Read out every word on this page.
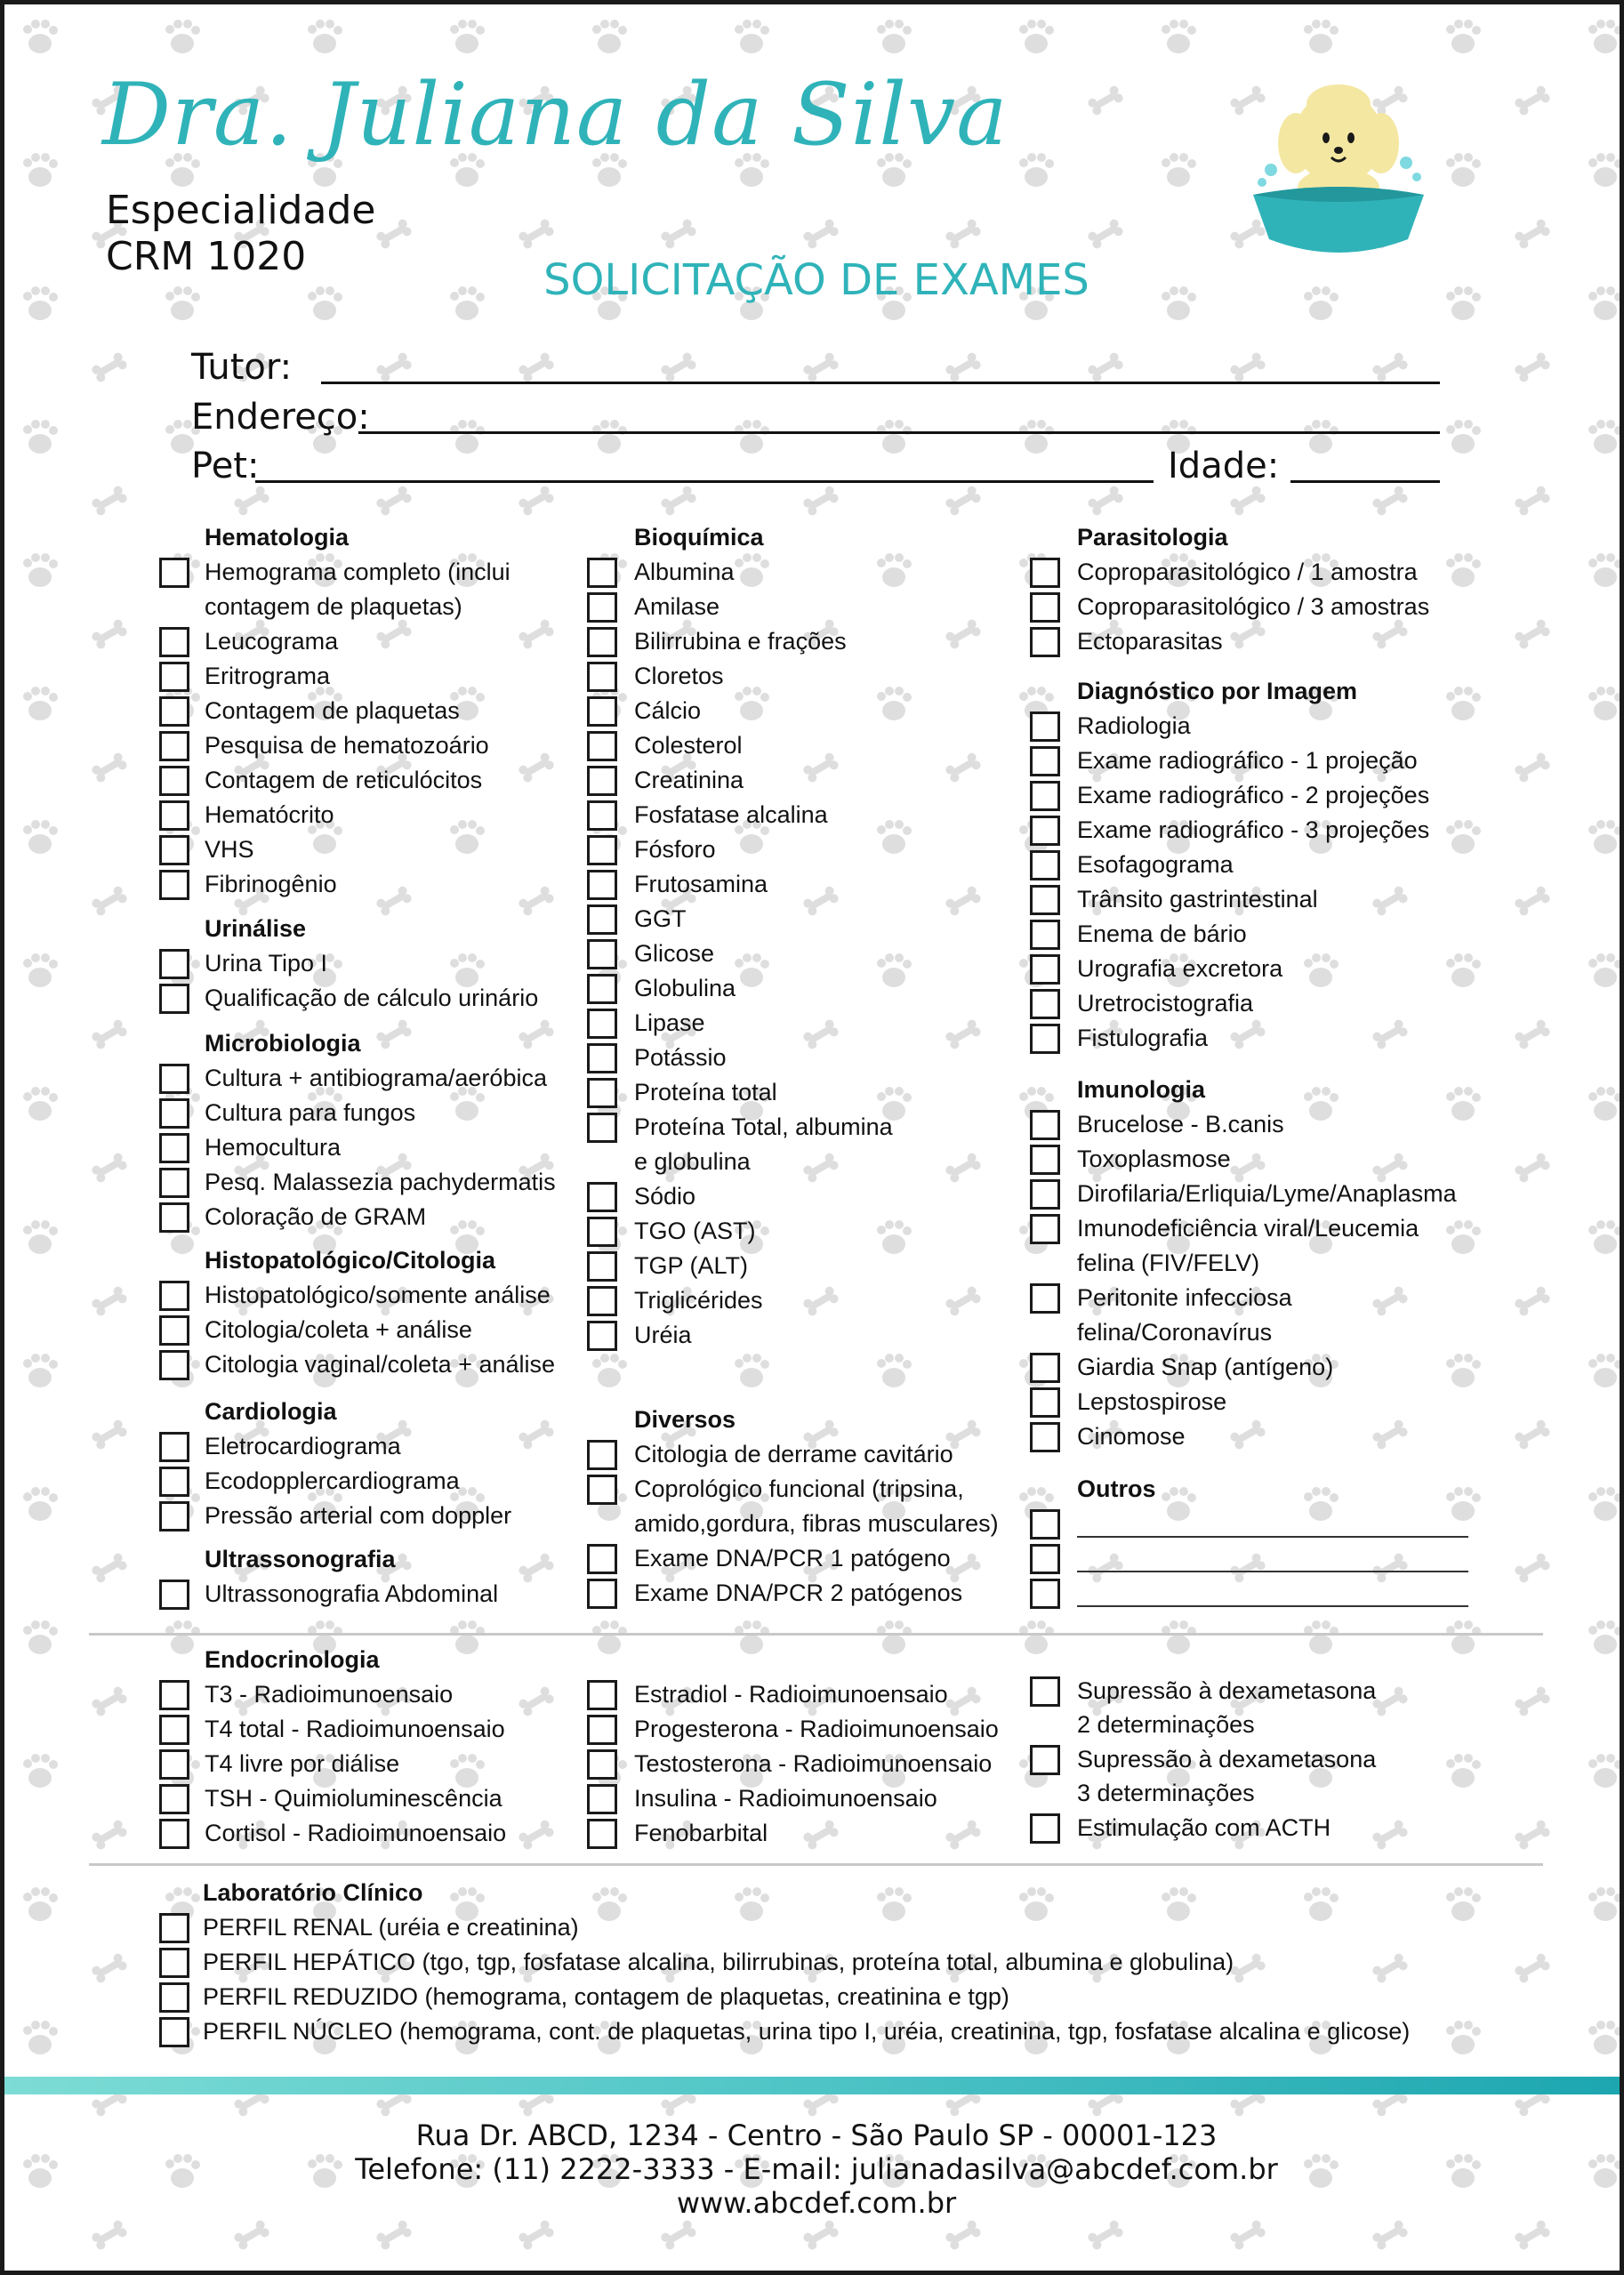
Dra. Juliana da Silva
Especialidade
CRM 1020	SOLICITAÇÃO DE EXAMES
Tutor:
Endereço:
Pet:	Idade:
Hematologia
Hemograma completo (inclui
contagem de plaquetas)
Leucograma
Eritrograma
Contagem de plaquetas
Pesquisa de hematozoário
Contagem de reticulócitos
Hematócrito
VHS
Fibrinogênio
Urinálise
Urina Tipo I
Qualificação de cálculo urinário
Microbiologia
Cultura + antibiograma/aeróbica
Cultura para fungos
Hemocultura
Pesq. Malassezia pachydermatis
Coloração de GRAM
Histopatológico/Citologia
Histopatológico/somente análise
Citologia/coleta + análise
Citologia vaginal/coleta + análise
Cardiologia
Eletrocardiograma
Ecodopplercardiograma
Pressão arterial com doppler
Ultrassonografia
Ultrassonografia Abdominal
Bioquímica
Albumina
Amilase
Bilirrubina e frações
Cloretos
Cálcio
Colesterol
Creatinina
Fosfatase alcalina
Fósforo
Frutosamina
GGT
Glicose
Globulina
Lipase
Potássio
Proteína total
Proteína Total, albumina
e globulina
Sódio
TGO (AST)
TGP (ALT)
Triglicérides
Uréia
Diversos
Citologia de derrame cavitário
Coprológico funcional (tripsina,
amido,gordura, fibras musculares)
Exame DNA/PCR 1 patógeno
Exame DNA/PCR 2 patógenos
Parasitologia
Coproparasitológico / 1 amostra
Coproparasitológico / 3 amostras
Ectoparasitas
Diagnóstico por Imagem
Radiologia
Exame radiográfico - 1 projeção
Exame radiográfico - 2 projeções
Exame radiográfico - 3 projeções
Esofagograma
Trânsito gastrintestinal
Enema de bário
Urografia excretora
Uretrocistografia
Fistulografia
Imunologia
Brucelose - B.canis
Toxoplasmose
Dirofilaria/Erliquia/Lyme/Anaplasma
Imunodeficiência viral/Leucemia
felina (FIV/FELV)
Peritonite infecciosa
felina/Coronavírus
Giardia Snap (antígeno)
Lepstospirose
Cinomose
Outros
Endocrinologia
T3 - Radioimunoensaio
T4 total - Radioimunoensaio
T4 livre por diálise
TSH - Quimioluminescência
Cortisol - Radioimunoensaio
Estradiol - Radioimunoensaio
Progesterona - Radioimunoensaio
Testosterona - Radioimunoensaio
Insulina - Radioimunoensaio
Fenobarbital
Supressão à dexametasona
2 determinações
Supressão à dexametasona
3 determinações
Estimulação com ACTH
Laboratório Clínico
PERFIL RENAL (uréia e creatinina)
PERFIL HEPÁTICO (tgo, tgp, fosfatase alcalina, bilirrubinas, proteína total, albumina e globulina)
PERFIL REDUZIDO (hemograma, contagem de plaquetas, creatinina e tgp)
PERFIL NÚCLEO (hemograma, cont. de plaquetas, urina tipo I, uréia, creatinina, tgp, fosfatase alcalina e glicose)
Rua Dr. ABCD, 1234 - Centro - São Paulo SP - 00001-123
Telefone: (11) 2222-3333 - E-mail: julianadasilva@abcdef.com.br
www.abcdef.com.br
